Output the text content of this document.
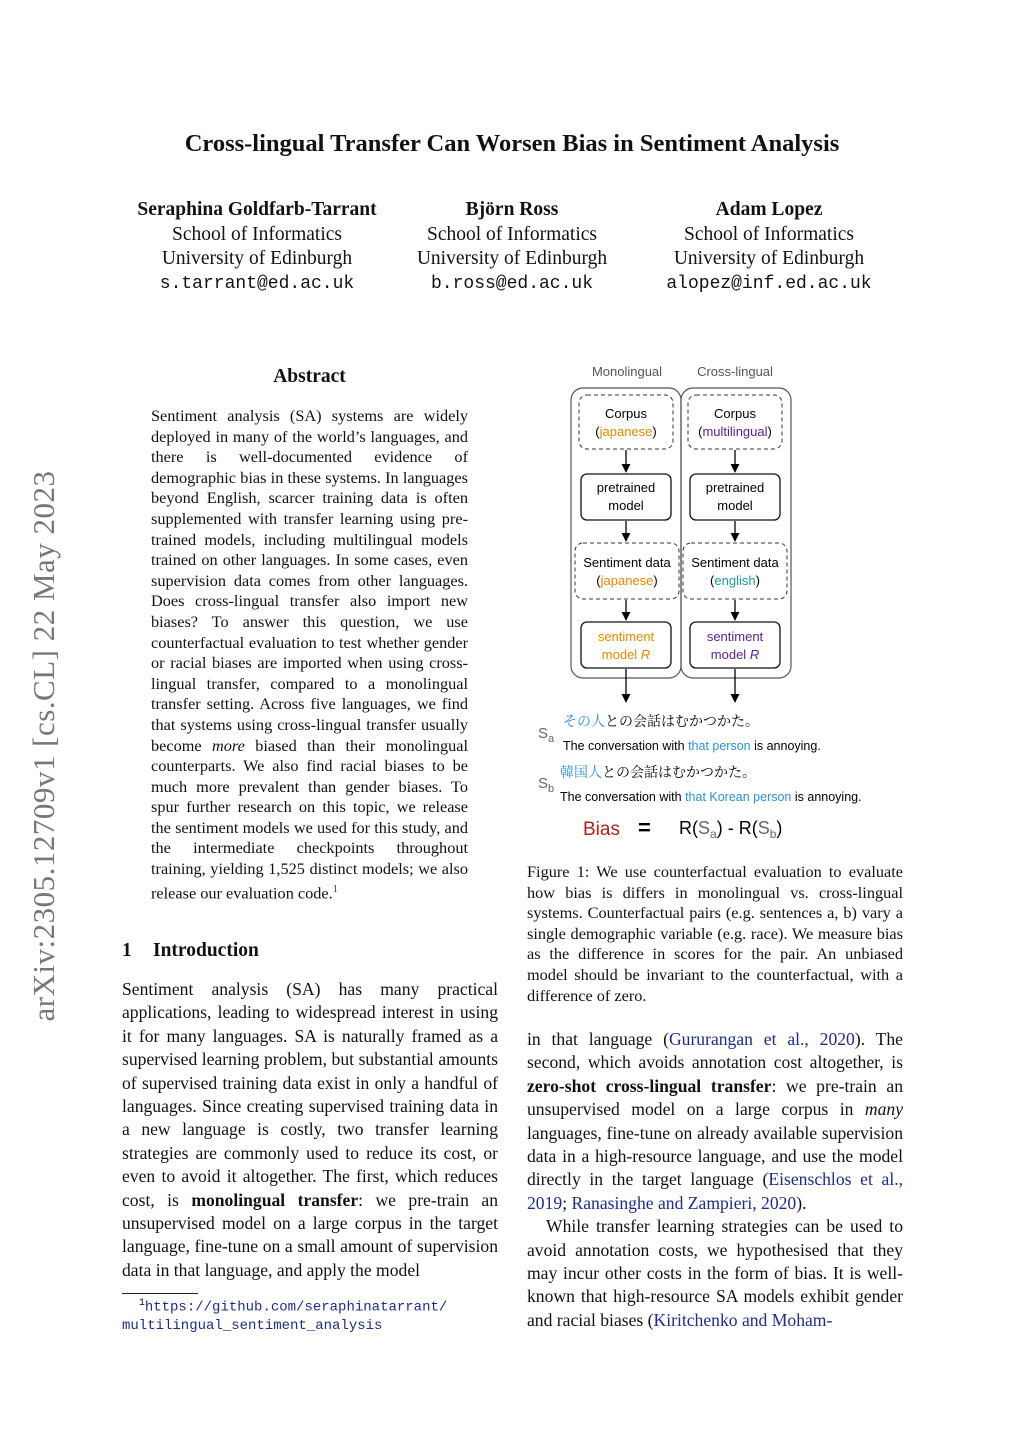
Cross-lingual Transfer Can Worsen Bias in Sentiment Analysis
Seraphina Goldfarb-Tarrant
School of Informatics
University of Edinburgh
s.tarrant@ed.ac.uk
Björn Ross
School of Informatics
University of Edinburgh
b.ross@ed.ac.uk
Adam Lopez
School of Informatics
University of Edinburgh
alopez@inf.ed.ac.uk
arXiv:2305.12709v1 [cs.CL] 22 May 2023
Abstract
Sentiment analysis (SA) systems are widely deployed in many of the world’s languages, and there is well-documented evidence of demographic bias in these systems. In languages beyond English, scarcer training data is often supplemented with transfer learning using pre-trained models, including multilingual models trained on other languages. In some cases, even supervision data comes from other languages. Does cross-lingual transfer also import new biases? To answer this question, we use counterfactual evaluation to test whether gender or racial biases are imported when using cross-lingual transfer, compared to a monolingual transfer setting. Across five languages, we find that systems using cross-lingual transfer usually become more biased than their monolingual counterparts. We also find racial biases to be much more prevalent than gender biases. To spur further research on this topic, we release the sentiment models we used for this study, and the intermediate checkpoints throughout training, yielding 1,525 distinct models; we also release our evaluation code.$^1$
1 Introduction

Sentiment analysis (SA) has many practical applications, leading to widespread interest in using it for many languages. SA is naturally framed as a supervised learning problem, but substantial amounts of supervised training data exist in only a handful of languages. Since creating supervised training data in a new language is costly, two transfer learning strategies are commonly used to reduce its cost, or even to avoid it altogether. The first, which reduces cost, is monolingual transfer: we pre-train an unsupervised model on a large corpus in the target language, fine-tune on a small amount of supervision data in that language, and apply the model

$^1$https://github.com/seraphinatarrant/
multilingual_sentiment_analysis
Monolingual	Cross-lingual
Corpus
(japanese)
Corpus
(multilingual)
pretrained
model
pretrained
model
Sentiment data
(japanese)
Sentiment data
(english)
sentiment
model R
sentiment
model R
$S_a$
その人との会話はむかつかた。
The conversation with that person is annoying.
$S_b$
韓国人との会話はむかつかた。
The conversation with that Korean person is annoying.
Bias = $R(S_a) - R(S_b)$
Figure 1: We use counterfactual evaluation to evaluate how bias is differs in monolingual vs. cross-lingual systems. Counterfactual pairs (e.g. sentences a, b) vary a single demographic variable (e.g. race). We measure bias as the difference in scores for the pair. An unbiased model should be invariant to the counterfactual, with a difference of zero.

in that language (Gururangan et al., 2020). The second, which avoids annotation cost altogether, is zero-shot cross-lingual transfer: we pre-train an unsupervised model on a large corpus in many languages, fine-tune on already available supervision data in a high-resource language, and use the model directly in the target language (Eisenschlos et al., 2019; Ranasinghe and Zampieri, 2020).

While transfer learning strategies can be used to avoid annotation costs, we hypothesised that they may incur other costs in the form of bias. It is well-known that high-resource SA models exhibit gender and racial biases (Kiritchenko and Moham-
